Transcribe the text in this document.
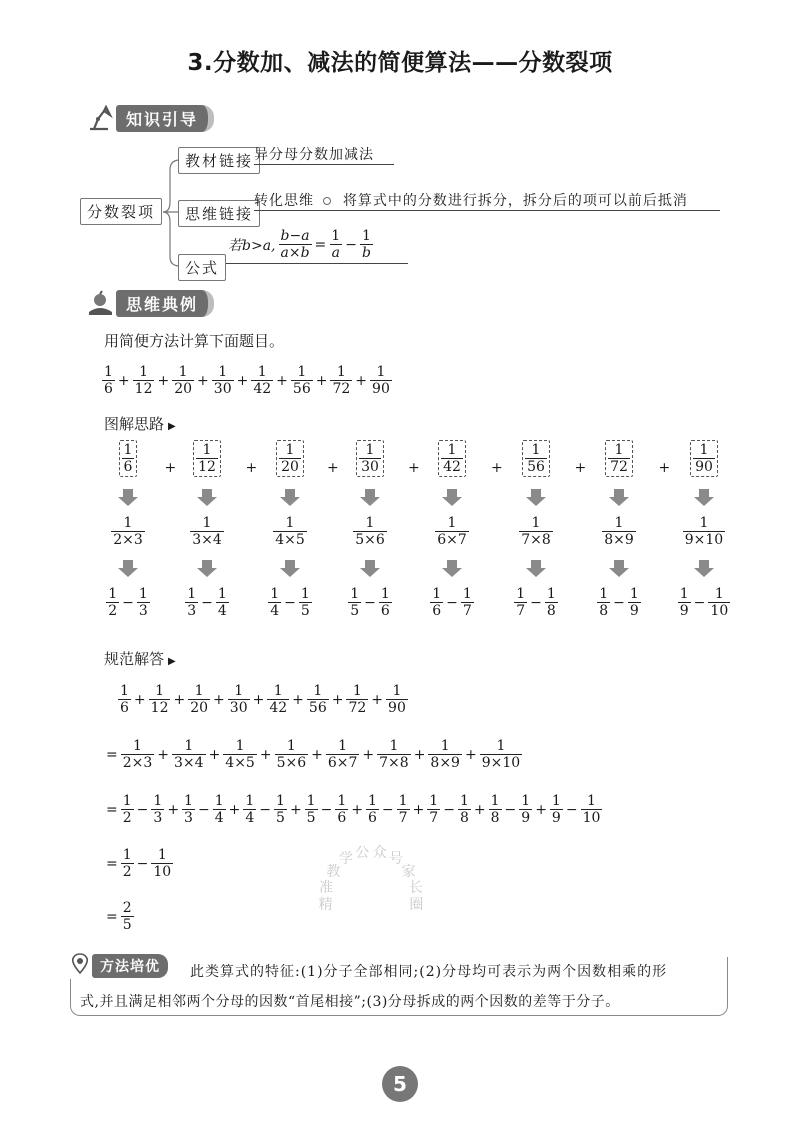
3.分数加、减法的简便算法——分数裂项
知识引导
分数裂项
教材链接 异分母分数加减法
思维链接
转化思维 将算式中的分数进行拆分，拆分后的项可以前后抵消
公式
若b>a, $\frac{b-a}{a\times b} = \frac{1}{a} - \frac{1}{b}$
思维典例
用简便方法计算下面题目。
$\frac{1}{6} + \frac{1}{12} + \frac{1}{20} + \frac{1}{30} + \frac{1}{42} + \frac{1}{56} + \frac{1}{72} + \frac{1}{90}$
图解思路 ▶
$\frac{1}{6}$
$\frac{1}{2\times 3}$
$\frac{1}{2} - \frac{1}{3}$
+ $\frac{1}{12}$
$\frac{1}{3\times 4}$
$\frac{1}{3} - \frac{1}{4}$
+ $\frac{1}{20}$
$\frac{1}{4\times 5}$
$\frac{1}{4} - \frac{1}{5}$
+ $\frac{1}{30}$
$\frac{1}{5\times 6}$
$\frac{1}{5} - \frac{1}{6}$
+ $\frac{1}{42}$
$\frac{1}{6\times 7}$
$\frac{1}{6} - \frac{1}{7}$
+ $\frac{1}{56}$
$\frac{1}{7\times 8}$
$\frac{1}{7} - \frac{1}{8}$
+ $\frac{1}{72}$
$\frac{1}{8\times 9}$
$\frac{1}{8} - \frac{1}{9}$
+ $\frac{1}{90}$
$\frac{1}{9\times 10}$
$\frac{1}{9} - \frac{1}{10}$
规范解答 ▶
$\frac{1}{6} + \frac{1}{12} + \frac{1}{20} + \frac{1}{30} + \frac{1}{42} + \frac{1}{56} + \frac{1}{72} + \frac{1}{90}$
= $\frac{1}{2\times 3} + \frac{1}{3\times 4} + \frac{1}{4\times 5} + \frac{1}{5\times 6} + \frac{1}{6\times 7} + \frac{1}{7\times 8} + \frac{1}{8\times 9} + \frac{1}{9\times 10}$
= $\frac{1}{2} - \frac{1}{3} + \frac{1}{3} - \frac{1}{4} + \frac{1}{4} - \frac{1}{5} + \frac{1}{5} - \frac{1}{6} + \frac{1}{6} - \frac{1}{7} + \frac{1}{7} - \frac{1}{8} + \frac{1}{8} - \frac{1}{9} + \frac{1}{9} - \frac{1}{10}$
= $\frac{1}{2} - \frac{1}{10}$
= $\frac{2}{5}$	精
准
教
学 公 众 号
家
长
圈
方法培优	此类算式的特征:(1)分子全部相同;(2)分母均可表示为两个因数相乘的形
式,并且满足相邻两个分母的因数“首尾相接”;(3)分母拆成的两个因数的差等于分子。
5
